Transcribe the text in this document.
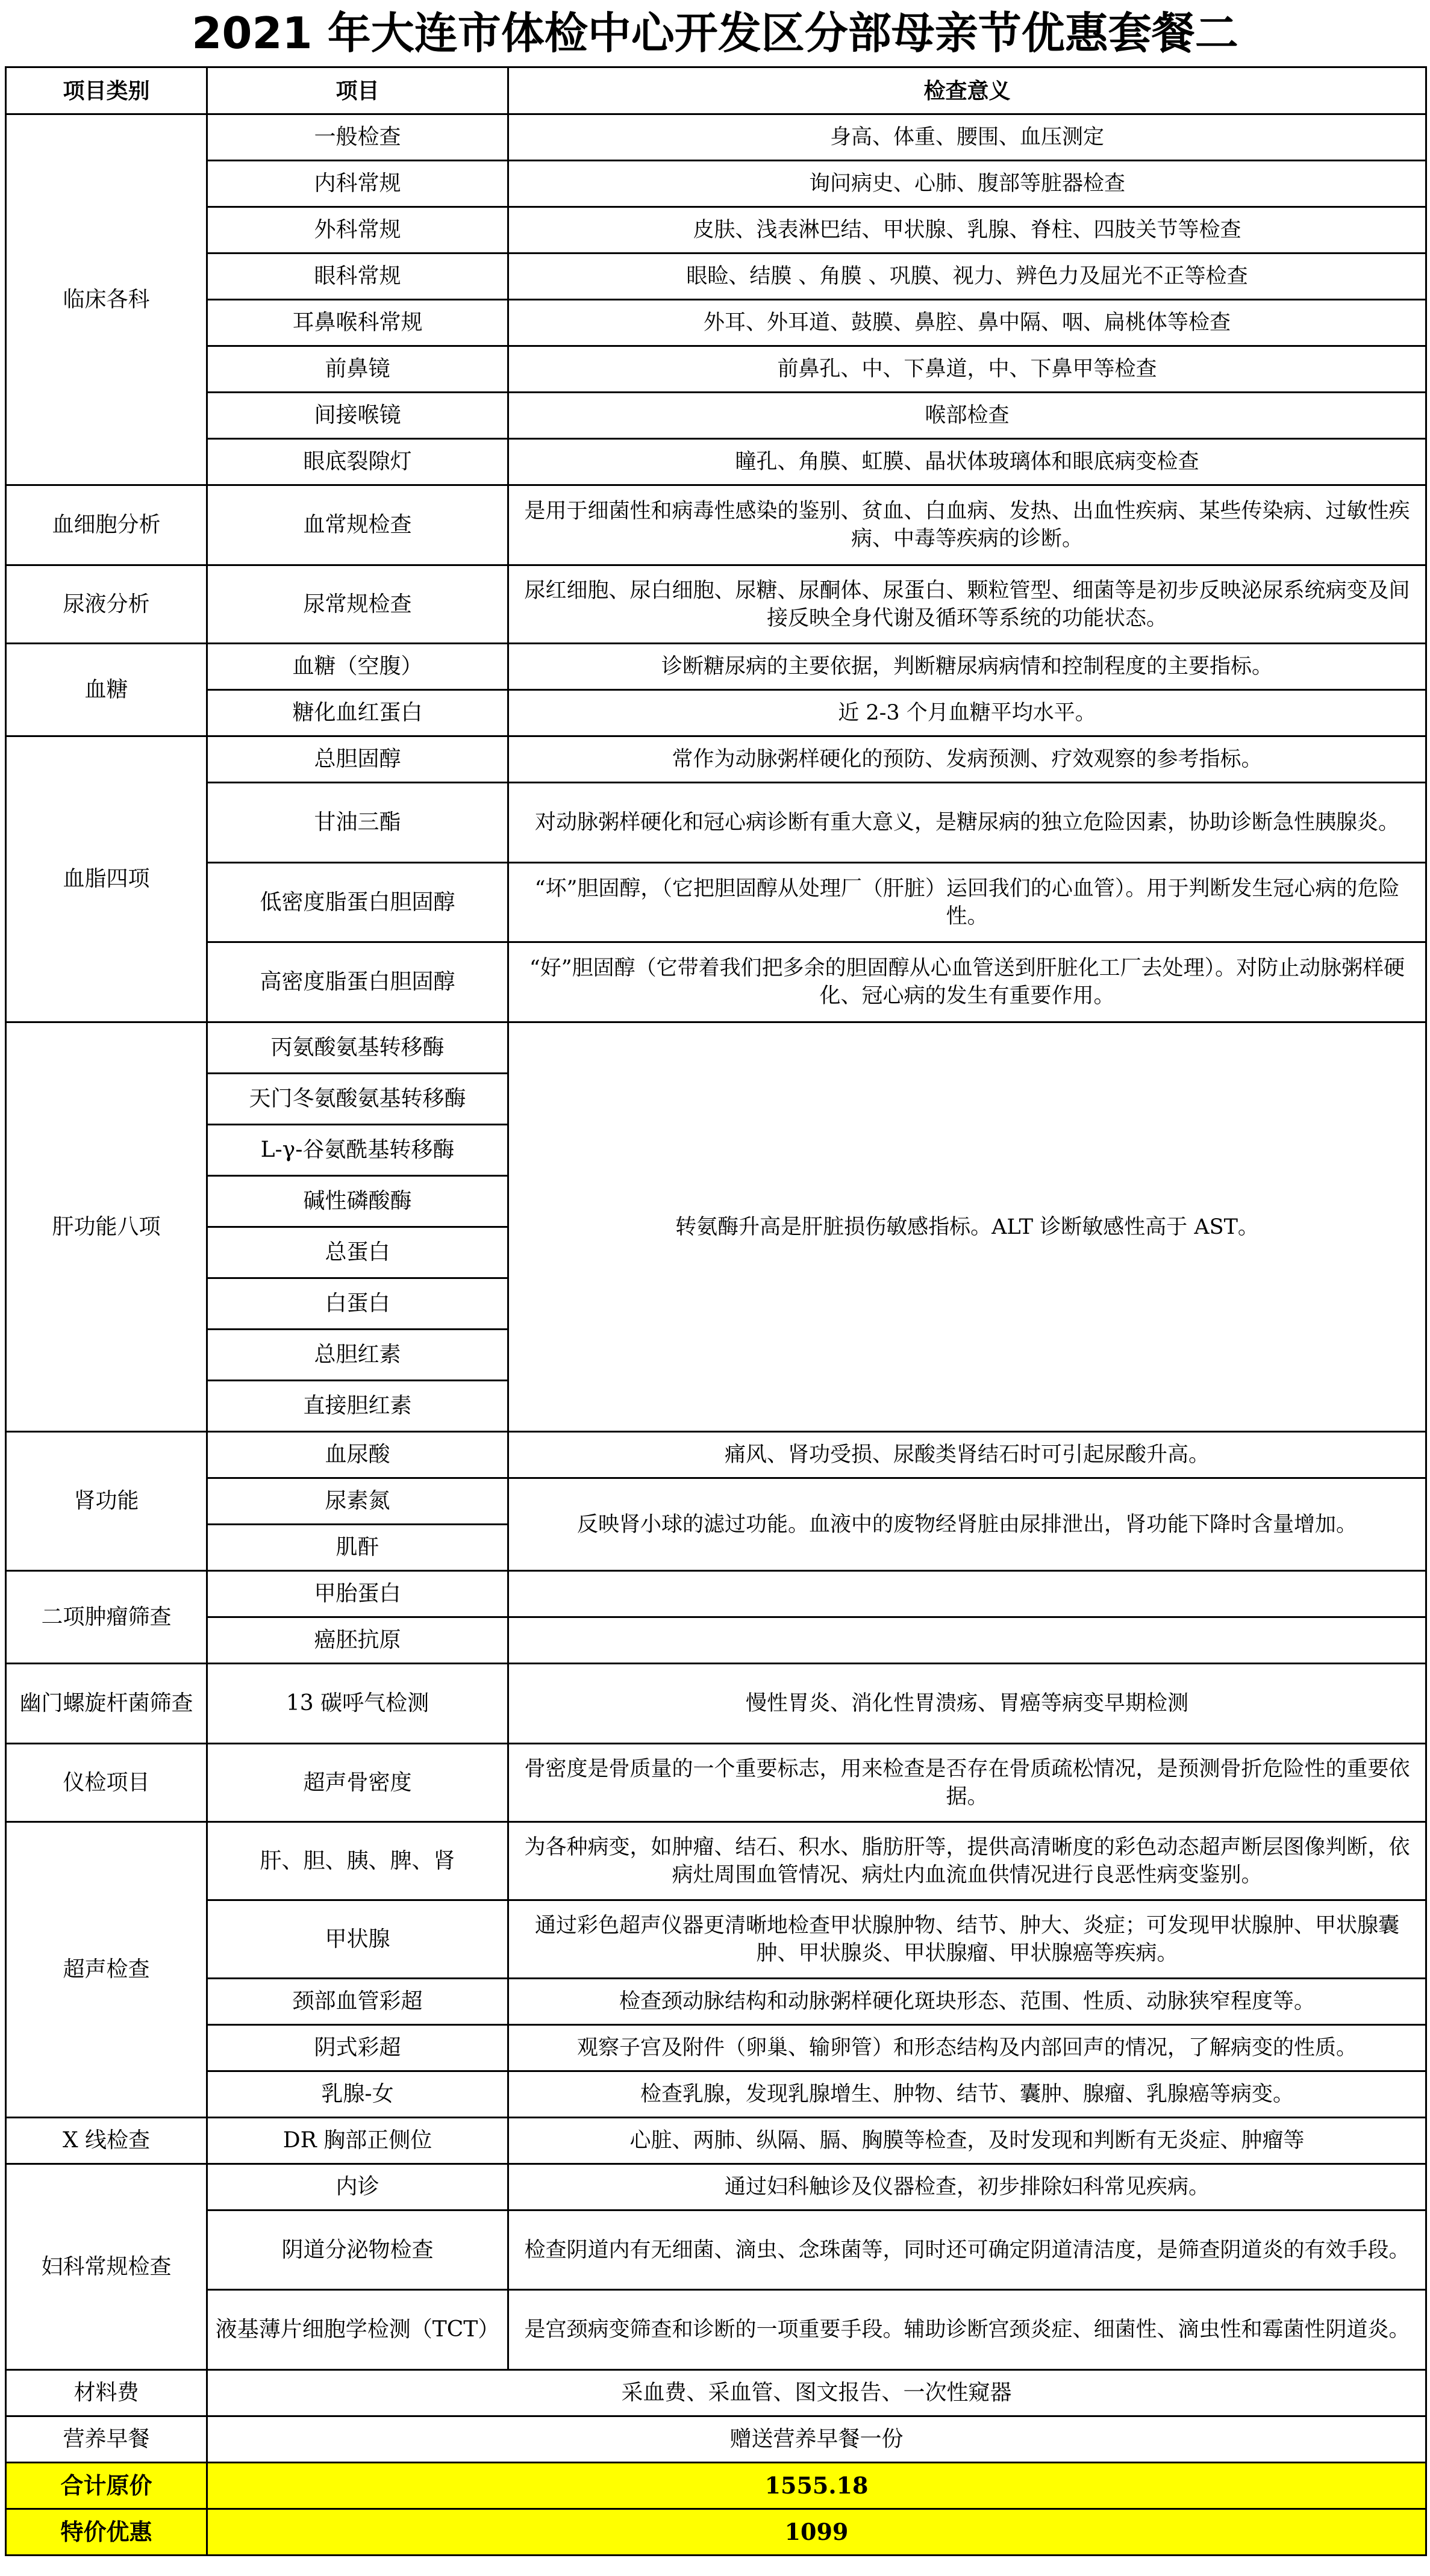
2021 年大连市体检中心开发区分部母亲节优惠套餐二
项目类别	项目	检查意义
临床各科	一般检查	身高、体重、腰围、血压测定
	内科常规	询问病史、心肺、腹部等脏器检查
	外科常规	皮肤、浅表淋巴结、甲状腺、乳腺、脊柱、四肢关节等检查
	眼科常规	眼睑、结膜 、角膜 、巩膜、视力、辨色力及屈光不正等检查
	耳鼻喉科常规	外耳、外耳道、鼓膜、鼻腔、鼻中隔、咽、扁桃体等检查
	前鼻镜	前鼻孔、中、下鼻道，中、下鼻甲等检查
	间接喉镜	喉部检查
	眼底裂隙灯	瞳孔、角膜、虹膜、晶状体玻璃体和眼底病变检查
血细胞分析	血常规检查	是用于细菌性和病毒性感染的鉴别、贫血、白血病、发热、出血性疾病、某些传染病、过敏性疾病、中毒等疾病的诊断。
尿液分析	尿常规检查	尿红细胞、尿白细胞、尿糖、尿酮体、尿蛋白、颗粒管型、细菌等是初步反映泌尿系统病变及间接反映全身代谢及循环等系统的功能状态。
血糖	血糖（空腹）	诊断糖尿病的主要依据，判断糖尿病病情和控制程度的主要指标。
	糖化血红蛋白	近 2-3 个月血糖平均水平。
血脂四项	总胆固醇	常作为动脉粥样硬化的预防、发病预测、疗效观察的参考指标。
	甘油三酯	对动脉粥样硬化和冠心病诊断有重大意义，是糖尿病的独立危险因素，协助诊断急性胰腺炎。
	低密度脂蛋白胆固醇	“坏”胆固醇，（它把胆固醇从处理厂（肝脏）运回我们的心血管）。用于判断发生冠心病的危险性。
	高密度脂蛋白胆固醇	“好”胆固醇（它带着我们把多余的胆固醇从心血管送到肝脏化工厂去处理）。对防止动脉粥样硬化、冠心病的发生有重要作用。
肝功能八项	丙氨酸氨基转移酶	转氨酶升高是肝脏损伤敏感指标。ALT 诊断敏感性高于 AST。
	天门冬氨酸氨基转移酶	
	L-γ-谷氨酰基转移酶	
	碱性磷酸酶	
	总蛋白	
	白蛋白	
	总胆红素	
	直接胆红素	
肾功能	血尿酸	痛风、肾功受损、尿酸类肾结石时可引起尿酸升高。
	尿素氮	反映肾小球的滤过功能。血液中的废物经肾脏由尿排泄出，肾功能下降时含量增加。
	肌酐	
二项肿瘤筛查	甲胎蛋白	
	癌胚抗原	
幽门螺旋杆菌筛查	13 碳呼气检测	慢性胃炎、消化性胃溃疡、胃癌等病变早期检测
仪检项目	超声骨密度	骨密度是骨质量的一个重要标志，用来检查是否存在骨质疏松情况，是预测骨折危险性的重要依据。
超声检查	肝、胆、胰、脾、肾	为各种病变，如肿瘤、结石、积水、脂肪肝等，提供高清晰度的彩色动态超声断层图像判断，依病灶周围血管情况、病灶内血流血供情况进行良恶性病变鉴别。
	甲状腺	通过彩色超声仪器更清晰地检查甲状腺肿物、结节、肿大、炎症；可发现甲状腺肿、甲状腺囊肿、甲状腺炎、甲状腺瘤、甲状腺癌等疾病。
	颈部血管彩超	检查颈动脉结构和动脉粥样硬化斑块形态、范围、性质、动脉狭窄程度等。
	阴式彩超	观察子宫及附件（卵巢、输卵管）和形态结构及内部回声的情况，了解病变的性质。
	乳腺-女	检查乳腺，发现乳腺增生、肿物、结节、囊肿、腺瘤、乳腺癌等病变。
X 线检查	DR 胸部正侧位	心脏、两肺、纵隔、膈、胸膜等检查，及时发现和判断有无炎症、肿瘤等
妇科常规检查	内诊	通过妇科触诊及仪器检查，初步排除妇科常见疾病。
	阴道分泌物检查	检查阴道内有无细菌、滴虫、念珠菌等，同时还可确定阴道清洁度，是筛查阴道炎的有效手段。
	液基薄片细胞学检测（TCT）	是宫颈病变筛查和诊断的一项重要手段。辅助诊断宫颈炎症、细菌性、滴虫性和霉菌性阴道炎。
材料费	采血费、采血管、图文报告、一次性窥器	
营养早餐	赠送营养早餐一份	
合计原价	1555.18	
特价优惠	1099	
